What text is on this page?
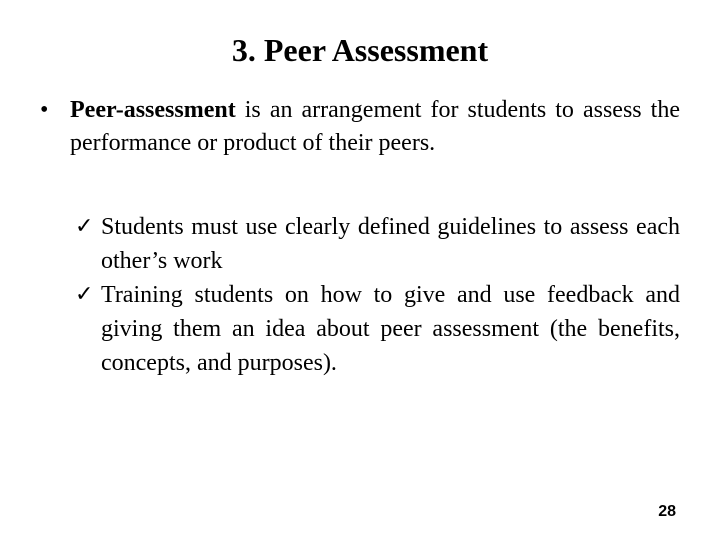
3. Peer Assessment
• Peer-assessment is an arrangement for students to assess the performance or product of their peers.
✓ Students must use clearly defined guidelines to assess each other’s work
✓ Training students on how to give and use feedback and giving them an idea about peer assessment (the benefits, concepts, and purposes).
28
